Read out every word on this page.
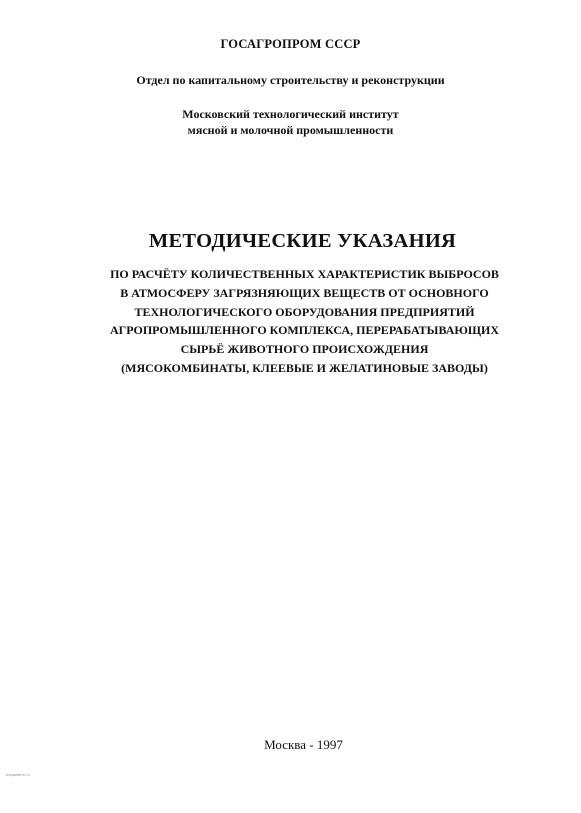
ГОСАГРОПРОМ СССР
Отдел по капитальному строительству и реконструкции
Московский технологический институт
мясной и молочной промышленности
МЕТОДИЧЕСКИЕ УКАЗАНИЯ
ПО РАСЧЁТУ КОЛИЧЕСТВЕННЫХ ХАРАКТЕРИСТИК ВЫБРОСОВ
В АТМОСФЕРУ ЗАГРЯЗНЯЮЩИХ ВЕЩЕСТВ ОТ ОСНОВНОГО
ТЕХНОЛОГИЧЕСКОГО ОБОРУДОВАНИЯ ПРЕДПРИЯТИЙ
АГРОПРОМЫШЛЕННОГО КОМПЛЕКСА, ПЕРЕРАБАТЫВАЮЩИХ
СЫРЬЁ ЖИВОТНОГО ПРОИСХОЖДЕНИЯ
(МЯСОКОМБИНАТЫ, КЛЕЕВЫЕ И ЖЕЛАТИНОВЫЕ ЗАВОДЫ)
Москва - 1997
meganorm.ru
